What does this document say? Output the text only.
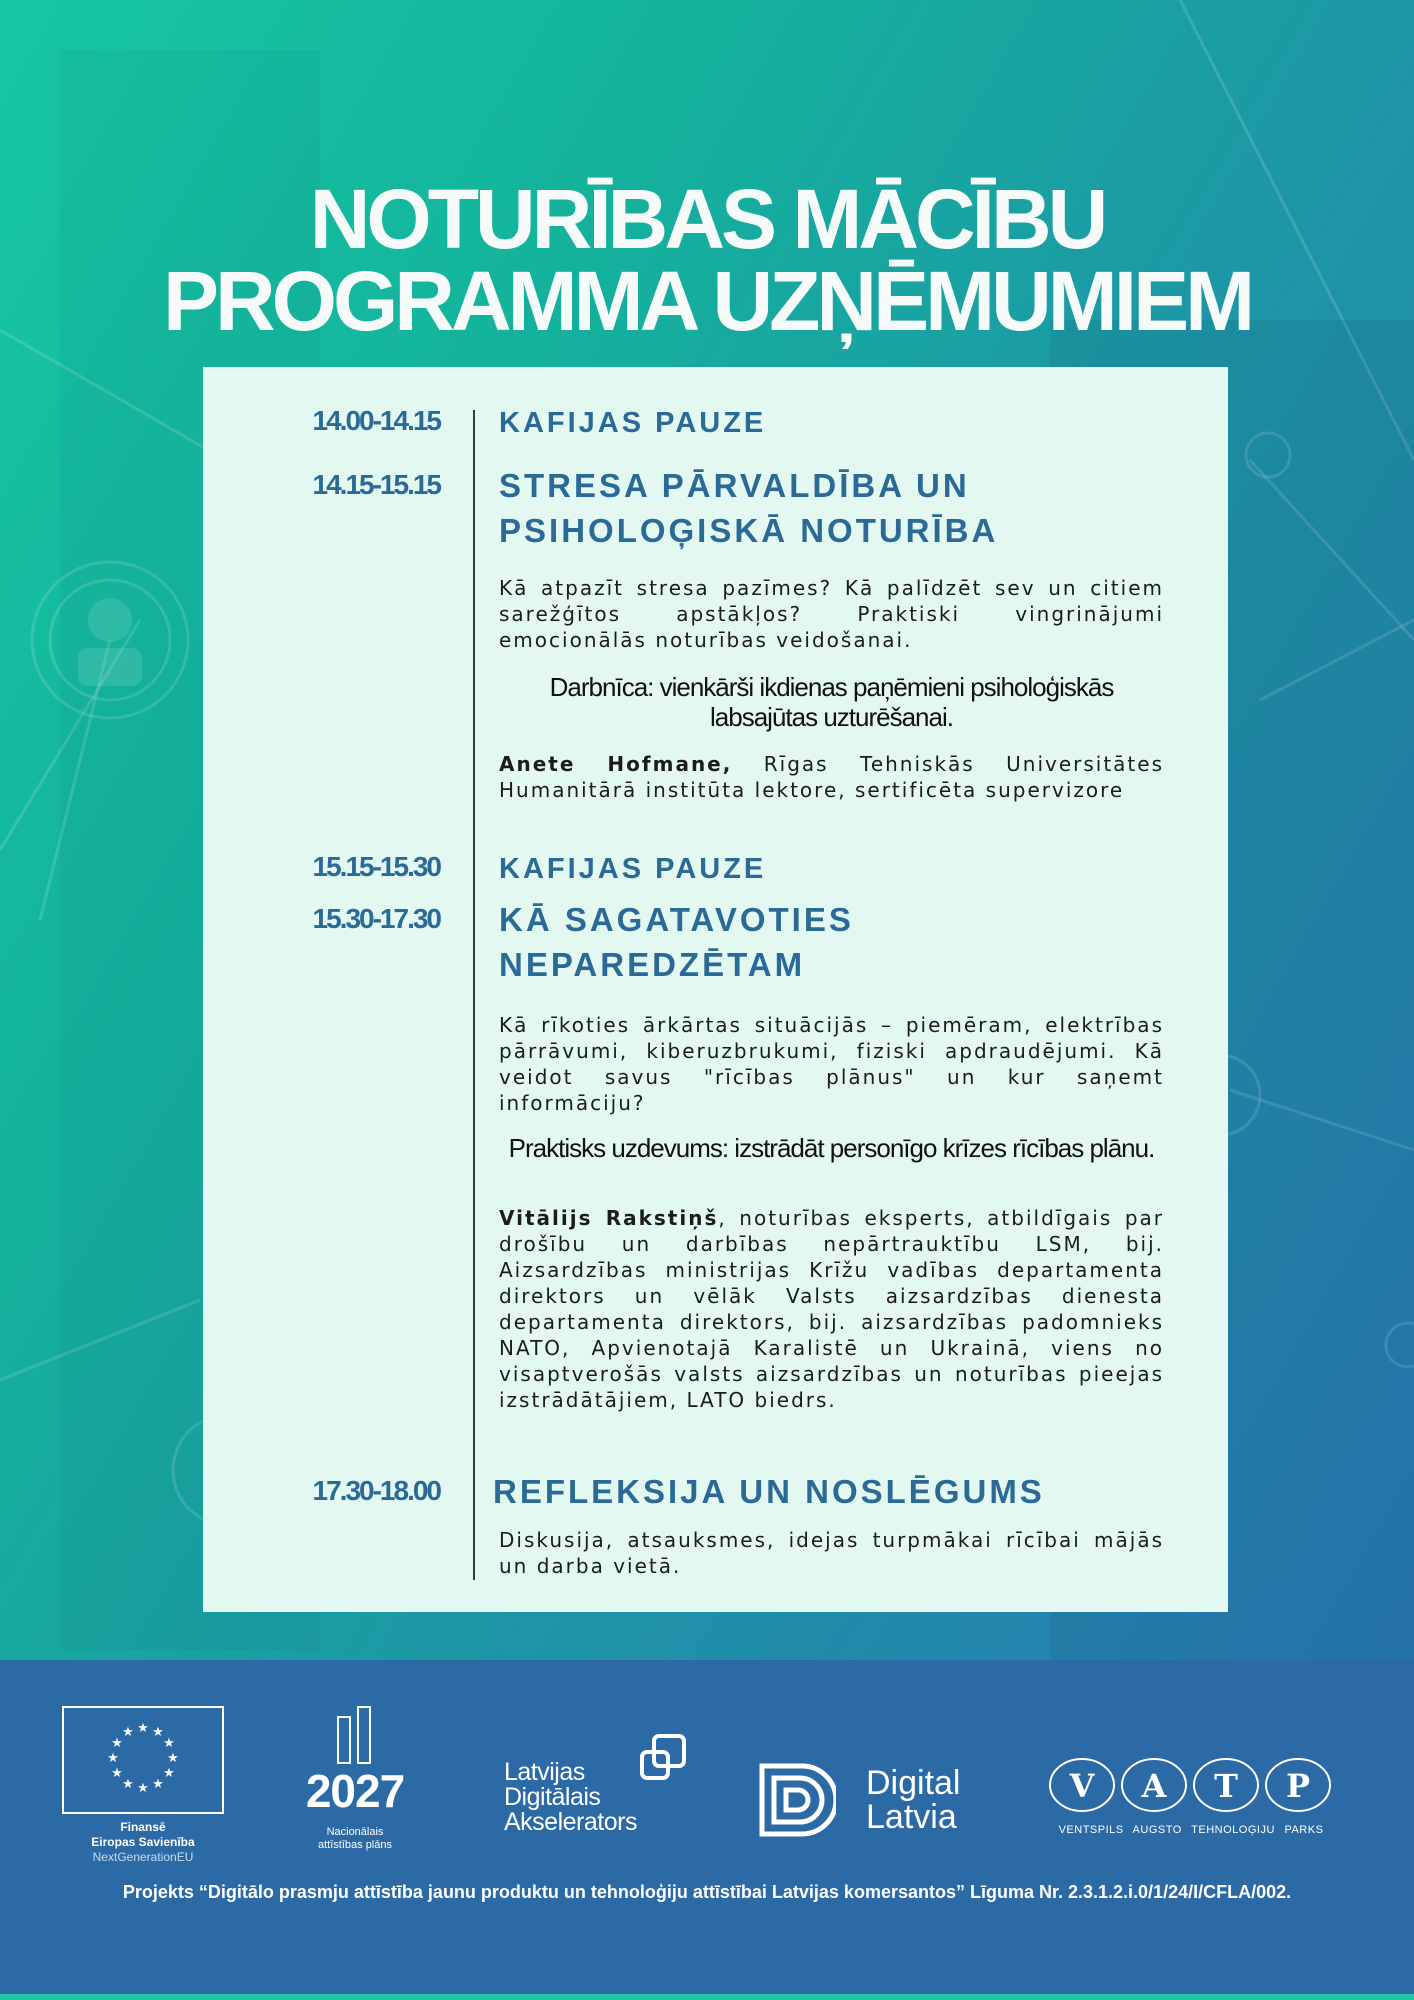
NOTURĪBAS MĀCĪBU
PROGRAMMA UZŅĒMUMIEM
14.00-14.15 KAFIJAS PAUZE
14.15-15.15 STRESA PĀRVALDĪBA UN
PSIHOLOĢISKĀ NOTURĪBA
Kā atpazīt stresa pazīmes? Kā palīdzēt sev un citiem sarežģītos apstākļos? Praktiski vingrinājumi emocionālās noturības veidošanai.
Darbnīca: vienkārši ikdienas paņēmieni psiholoģiskās labsajūtas uzturēšanai.
Anete Hofmane, Rīgas Tehniskās Universitātes Humanitārā institūta lektore, sertificēta supervizore
15.15-15.30 KAFIJAS PAUZE
15.30-17.30 KĀ SAGATAVOTIES
NEPAREDZĒTAM
Kā rīkoties ārkārtas situācijās – piemēram, elektrības pārrāvumi, kiberuzbrukumi, fiziski apdraudējumi. Kā veidot savus "rīcības plānus" un kur saņemt informāciju?
Praktisks uzdevums: izstrādāt personīgo krīzes rīcības plānu.
Vitālijs Rakstiņš, noturības eksperts, atbildīgais par drošību un darbības nepārtrauktību LSM, bij. Aizsardzības ministrijas Krīžu vadības departamenta direktors un vēlāk Valsts aizsardzības dienesta departamenta direktors, bij. aizsardzības padomnieks NATO, Apvienotajā Karalistē un Ukrainā, viens no visaptverošās valsts aizsardzības un noturības pieejas izstrādātājiem, LATO biedrs.
17.30-18.00 REFLEKSIJA UN NOSLĒGUMS
Diskusija, atsauksmes, idejas turpmākai rīcībai mājās un darba vietā.
★ ★
★
★
★
★
★
★
★
★
★
★
Finansē
Eiropas Savienība
NextGenerationEU
2027
Nacionālais
attīstības plāns
Latvijas
Digitālais
Akselerators
Digital
Latvia
V A T P
VENTSPILS AUGSTO TEHNOLOĢIJU PARKS
Projekts “Digitālo prasmju attīstība jaunu produktu un tehnoloģiju attīstībai Latvijas komersantos” Līguma Nr. 2.3.1.2.i.0/1/24/I/CFLA/002.
